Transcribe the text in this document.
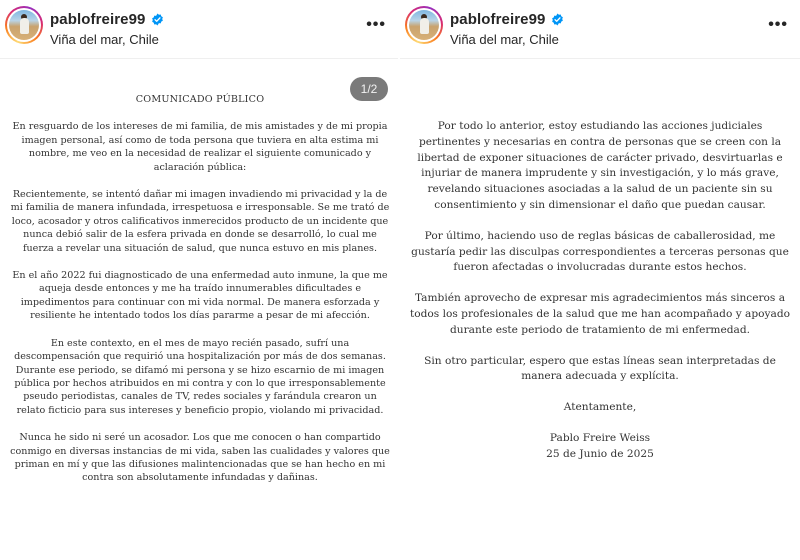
pablofreire99
Viña del mar, Chile
•••
1/2
COMUNICADO PÚBLICO

En resguardo de los intereses de mi familia, de mis amistades y de mi propia imagen personal, así como de toda persona que tuviera en alta estima mi nombre, me veo en la necesidad de realizar el siguiente comunicado y aclaración pública:

Recientemente, se intentó dañar mi imagen invadiendo mi privacidad y la de mi familia de manera infundada, irrespetuosa e irresponsable. Se me trató de loco, acosador y otros calificativos inmerecidos producto de un incidente que nunca debió salir de la esfera privada en donde se desarrolló, lo cual me fuerza a revelar una situación de salud, que nunca estuvo en mis planes.

En el año 2022 fui diagnosticado de una enfermedad auto inmune, la que me aqueja desde entonces y me ha traído innumerables dificultades e impedimentos para continuar con mi vida normal. De manera esforzada y resiliente he intentado todos los días pararme a pesar de mi afección.

En este contexto, en el mes de mayo recién pasado, sufrí una descompensación que requirió una hospitalización por más de dos semanas. Durante ese periodo, se difamó mi persona y se hizo escarnio de mi imagen pública por hechos atribuidos en mi contra y con lo que irresponsablemente pseudo periodistas, canales de TV, redes sociales y farándula crearon un relato ficticio para sus intereses y beneficio propio, violando mi privacidad.

Nunca he sido ni seré un acosador. Los que me conocen o han compartido conmigo en diversas instancias de mi vida, saben las cualidades y valores que priman en mí y que las difusiones malintencionadas que se han hecho en mi contra son absolutamente infundadas y dañinas.

pablofreire99
Viña del mar, Chile
•••

Por todo lo anterior, estoy estudiando las acciones judiciales pertinentes y necesarias en contra de personas que se creen con la libertad de exponer situaciones de carácter privado, desvirtuarlas e injuriar de manera imprudente y sin investigación, y lo más grave, revelando situaciones asociadas a la salud de un paciente sin su consentimiento y sin dimensionar el daño que puedan causar.

Por último, haciendo uso de reglas básicas de caballerosidad, me gustaría pedir las disculpas correspondientes a terceras personas que fueron afectadas o involucradas durante estos hechos.

También aprovecho de expresar mis agradecimientos más sinceros a todos los profesionales de la salud que me han acompañado y apoyado durante este periodo de tratamiento de mi enfermedad.

Sin otro particular, espero que estas líneas sean interpretadas de manera adecuada y explícita.

Atentamente,

Pablo Freire Weiss
25 de Junio de 2025
